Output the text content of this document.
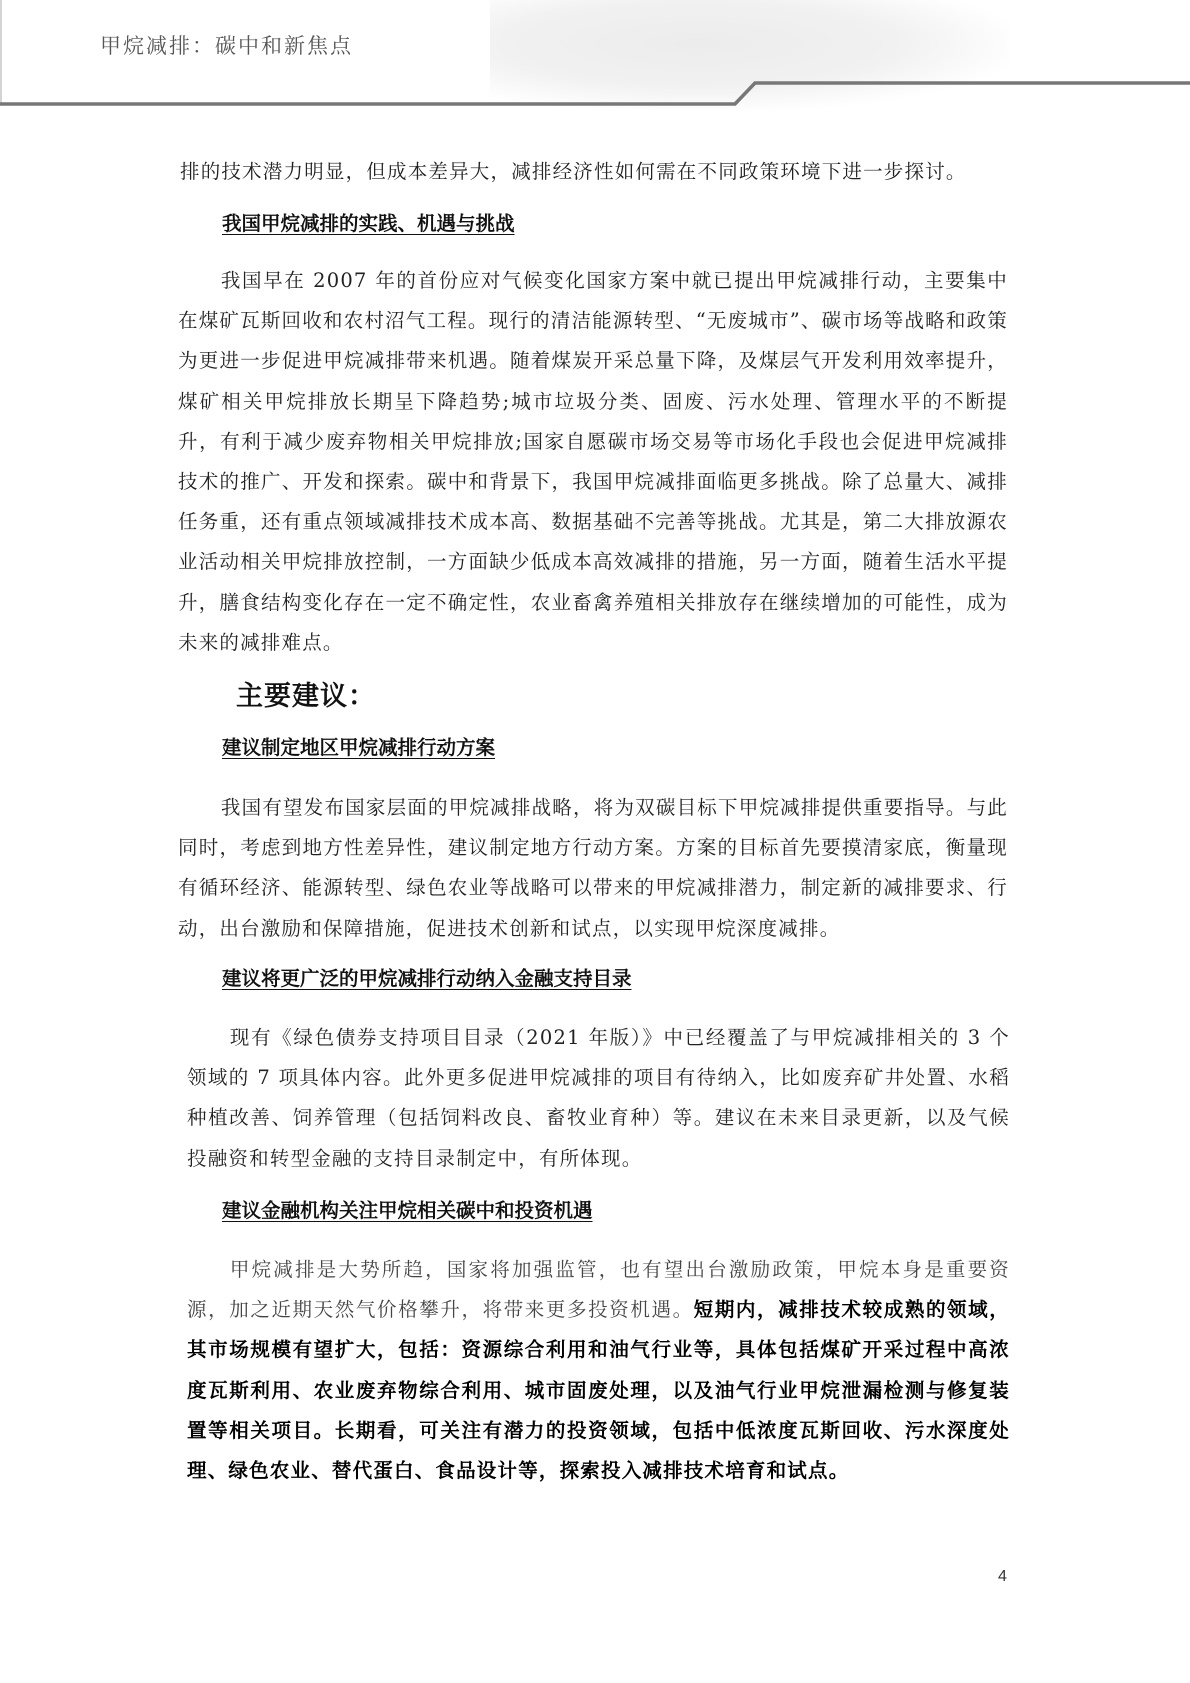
甲烷减排：碳中和新焦点
排的技术潜力明显，但成本差异大，减排经济性如何需在不同政策环境下进一步探讨。
我国甲烷减排的实践、机遇与挑战
我国早在 2007 年的首份应对气候变化国家方案中就已提出甲烷减排行动，主要集中在煤矿瓦斯回收和农村沼气工程。现行的清洁能源转型、“无废城市”、碳市场等战略和政策为更进一步促进甲烷减排带来机遇。随着煤炭开采总量下降，及煤层气开发利用效率提升，煤矿相关甲烷排放长期呈下降趋势;城市垃圾分类、固废、污水处理、管理水平的不断提升，有利于减少废弃物相关甲烷排放;国家自愿碳市场交易等市场化手段也会促进甲烷减排技术的推广、开发和探索。碳中和背景下，我国甲烷减排面临更多挑战。除了总量大、减排任务重，还有重点领域减排技术成本高、数据基础不完善等挑战。尤其是，第二大排放源农业活动相关甲烷排放控制，一方面缺少低成本高效减排的措施，另一方面，随着生活水平提升，膳食结构变化存在一定不确定性，农业畜禽养殖相关排放存在继续增加的可能性，成为未来的减排难点。
主要建议：
建议制定地区甲烷减排行动方案
我国有望发布国家层面的甲烷减排战略，将为双碳目标下甲烷减排提供重要指导。与此同时，考虑到地方性差异性，建议制定地方行动方案。方案的目标首先要摸清家底，衡量现有循环经济、能源转型、绿色农业等战略可以带来的甲烷减排潜力，制定新的减排要求、行动，出台激励和保障措施，促进技术创新和试点，以实现甲烷深度减排。
建议将更广泛的甲烷减排行动纳入金融支持目录
现有《绿色债券支持项目目录（2021 年版）》中已经覆盖了与甲烷减排相关的 3 个领域的 7 项具体内容。此外更多促进甲烷减排的项目有待纳入，比如废弃矿井处置、水稻种植改善、饲养管理（包括饲料改良、畜牧业育种）等。建议在未来目录更新，以及气候投融资和转型金融的支持目录制定中，有所体现。
建议金融机构关注甲烷相关碳中和投资机遇
甲烷减排是大势所趋，国家将加强监管，也有望出台激励政策，甲烷本身是重要资源，加之近期天然气价格攀升，将带来更多投资机遇。短期内，减排技术较成熟的领域，其市场规模有望扩大，包括：资源综合利用和油气行业等，具体包括煤矿开采过程中高浓度瓦斯利用、农业废弃物综合利用、城市固废处理，以及油气行业甲烷泄漏检测与修复装置等相关项目。长期看，可关注有潜力的投资领域，包括中低浓度瓦斯回收、污水深度处理、绿色农业、替代蛋白、食品设计等，探索投入减排技术培育和试点。
4
